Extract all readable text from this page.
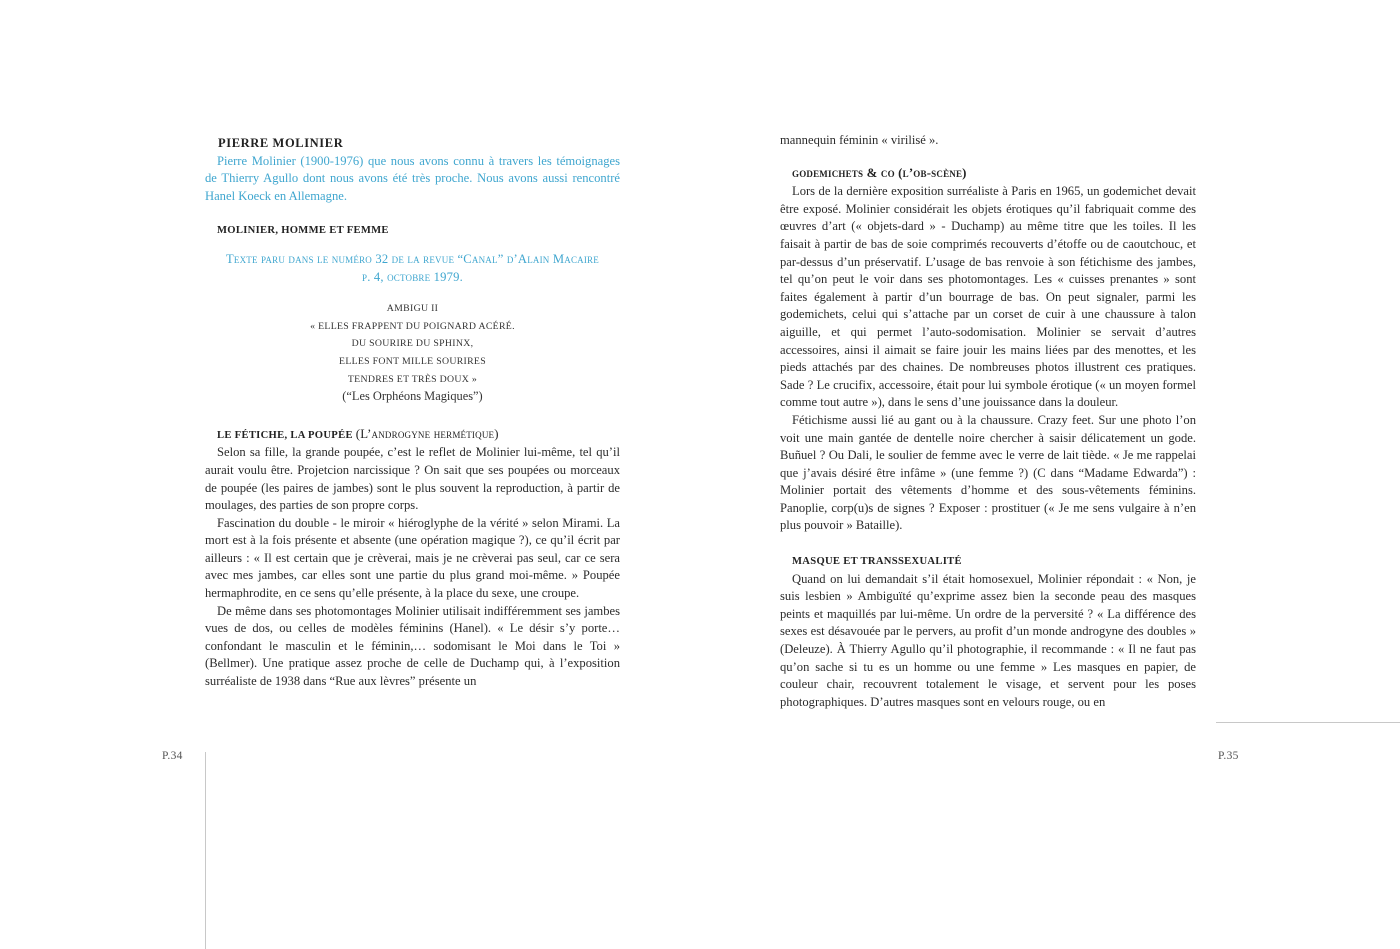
PIERRE MOLINIER

Pierre Molinier (1900-1976) que nous avons connu à travers les témoignages de Thierry Agullo dont nous avons été très proche. Nous avons aussi rencontré Hanel Koeck en Allemagne.

MOLINIER, HOMME ET FEMME
Texte paru dans le numéro 32 de la revue “Canal” d’Alain Macaire
p. 4, octobre 1979.
AMBIGU II
« ELLES FRAPPENT DU POIGNARD ACÉRÉ.
DU SOURIRE DU SPHINX,
ELLES FONT MILLE SOURIRES
TENDRES ET TRÈS DOUX »
(“Les Orphéons Magiques”)
LE FÉTICHE, LA POUPÉE (L’androgyne hermétique)

Selon sa fille, la grande poupée, c’est le reflet de Molinier lui-même, tel qu’il aurait voulu être. Projetcion narcissique ? On sait que ses poupées ou morceaux de poupée (les paires de jambes) sont le plus souvent la reproduction, à partir de moulages, des parties de son propre corps.

Fascination du double - le miroir « hiéroglyphe de la vérité » selon Mirami. La mort est à la fois présente et absente (une opération magique ?), ce qu’il écrit par ailleurs : « Il est certain que je crèverai, mais je ne crèverai pas seul, car ce sera avec mes jambes, car elles sont une partie du plus grand moi-même. » Poupée hermaphrodite, en ce sens qu’elle présente, à la place du sexe, une croupe.

De même dans ses photomontages Molinier utilisait indifféremment ses jambes vues de dos, ou celles de modèles féminins (Hanel). « Le désir s’y porte… confondant le masculin et le féminin,… sodomisant le Moi dans le Toi » (Bellmer). Une pratique assez proche de celle de Duchamp qui, à l’exposition surréaliste de 1938 dans “Rue aux lèvres” présente un

P.34

mannequin féminin « virilisé ».

godemichets & co (l’ob-scène)

Lors de la dernière exposition surréaliste à Paris en 1965, un godemichet devait être exposé. Molinier considérait les objets érotiques qu’il fabriquait comme des œuvres d’art (« objets-dard » - Duchamp) au même titre que les toiles. Il les faisait à partir de bas de soie comprimés recouverts d’étoffe ou de caoutchouc, et par-dessus d’un préservatif. L’usage de bas renvoie à son fétichisme des jambes, tel qu’on peut le voir dans ses photomontages. Les « cuisses prenantes » sont faites également à partir d’un bourrage de bas. On peut signaler, parmi les godemichets, celui qui s’attache par un corset de cuir à une chaussure à talon aiguille, et qui permet l’auto-sodomisation. Molinier se servait d’autres accessoires, ainsi il aimait se faire jouir les mains liées par des menottes, et les pieds attachés par des chaines. De nombreuses photos illustrent ces pratiques. Sade ? Le crucifix, accessoire, était pour lui symbole érotique (« un moyen formel comme tout autre »), dans le sens d’une jouissance dans la douleur.

Fétichisme aussi lié au gant ou à la chaussure. Crazy feet. Sur une photo l’on voit une main gantée de dentelle noire chercher à saisir délicatement un gode. Buñuel ? Ou Dali, le soulier de femme avec le verre de lait tiède. « Je me rappelai que j’avais désiré être infâme » (une femme ?) (C dans “Madame Edwarda”) : Molinier portait des vêtements d’homme et des sous-vêtements féminins. Panoplie, corp(u)s de signes ? Exposer : prostituer (« Je me sens vulgaire à n’en plus pouvoir » Bataille).

MASQUE ET TRANSSEXUALITÉ

Quand on lui demandait s’il était homosexuel, Molinier répondait : « Non, je suis lesbien » Ambiguïté qu’exprime assez bien la seconde peau des masques peints et maquillés par lui-même. Un ordre de la perversité ? « La différence des sexes est désavouée par le pervers, au profit d’un monde androgyne des doubles » (Deleuze). À Thierry Agullo qu’il photographie, il recommande : « Il ne faut pas qu’on sache si tu es un homme ou une femme » Les masques en papier, de couleur chair, recouvrent totalement le visage, et servent pour les poses photographiques. D’autres masques sont en velours rouge, ou en

P.35
